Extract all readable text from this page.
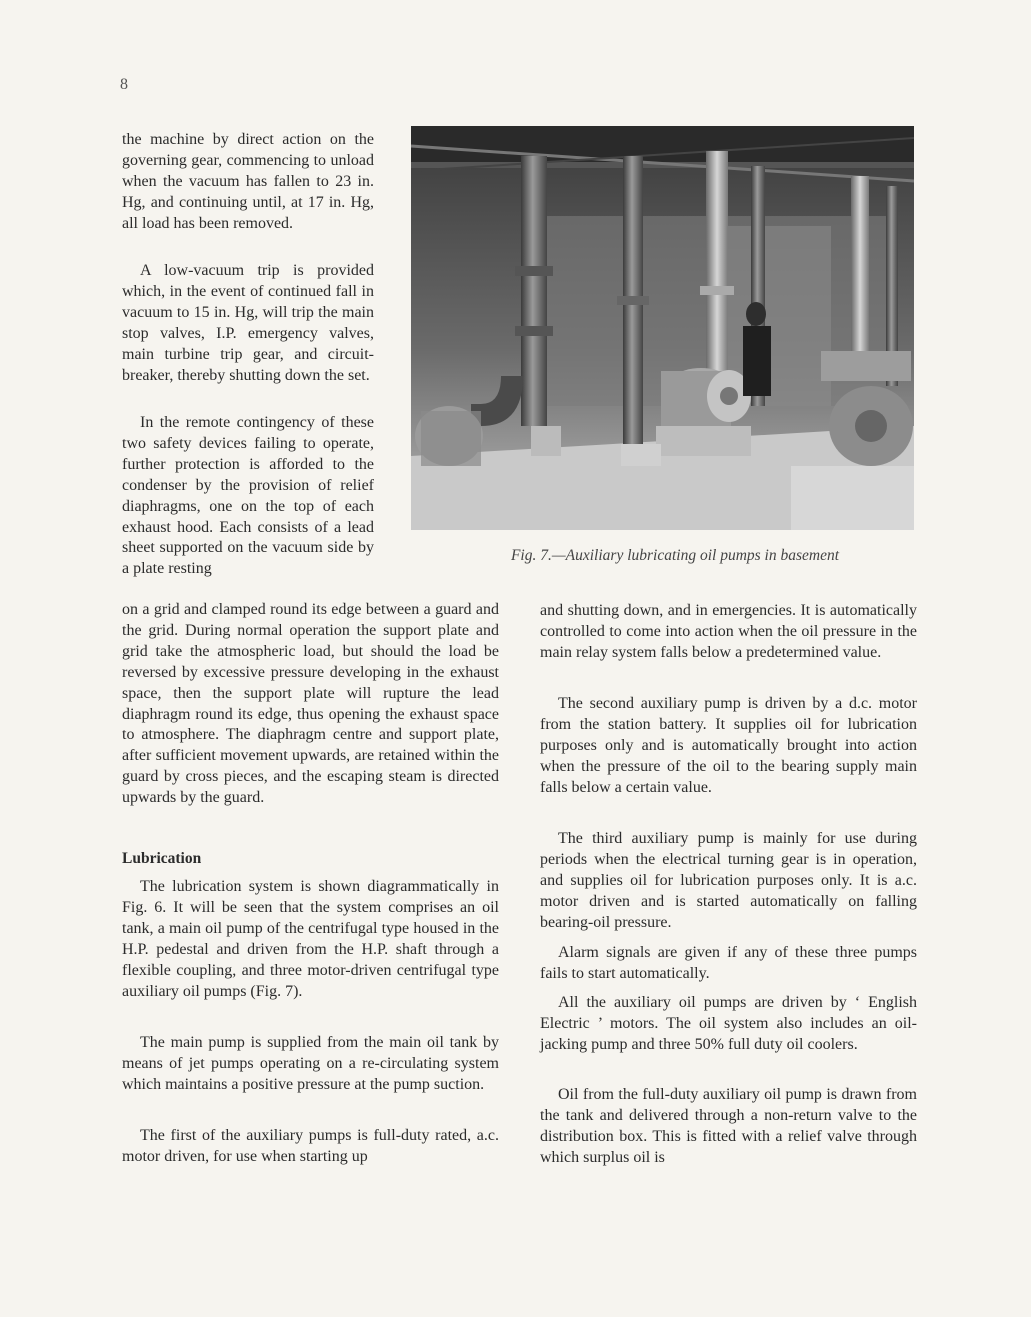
8

the machine by direct action on the governing gear, commencing to unload when the vacuum has fallen to 23 in. Hg, and continuing until, at 17 in. Hg, all load has been removed.

A low-vacuum trip is provided which, in the event of continued fall in vacuum to 15 in. Hg, will trip the main stop valves, I.P. emergency valves, main turbine trip gear, and circuit-breaker, thereby shutting down the set.

In the remote contingency of these two safety devices failing to operate, further protection is afforded to the condenser by the provision of relief diaphragms, one on the top of each exhaust hood. Each consists of a lead sheet supported on the vacuum side by a plate resting

Fig. 7.—Auxiliary lubricating oil pumps in basement

on a grid and clamped round its edge between a guard and the grid. During normal operation the support plate and grid take the atmospheric load, but should the load be reversed by excessive pressure developing in the exhaust space, then the support plate will rupture the lead diaphragm round its edge, thus opening the exhaust space to atmosphere. The diaphragm centre and support plate, after sufficient movement upwards, are retained within the guard by cross pieces, and the escaping steam is directed upwards by the guard.

Lubrication

The lubrication system is shown diagrammatically in Fig. 6. It will be seen that the system comprises an oil tank, a main oil pump of the centrifugal type housed in the H.P. pedestal and driven from the H.P. shaft through a flexible coupling, and three motor-driven centrifugal type auxiliary oil pumps (Fig. 7).

The main pump is supplied from the main oil tank by means of jet pumps operating on a re-circulating system which maintains a positive pressure at the pump suction.

The first of the auxiliary pumps is full-duty rated, a.c. motor driven, for use when starting up

and shutting down, and in emergencies. It is automatically controlled to come into action when the oil pressure in the main relay system falls below a predetermined value.

The second auxiliary pump is driven by a d.c. motor from the station battery. It supplies oil for lubrication purposes only and is automatically brought into action when the pressure of the oil to the bearing supply main falls below a certain value.

The third auxiliary pump is mainly for use during periods when the electrical turning gear is in operation, and supplies oil for lubrication purposes only. It is a.c. motor driven and is started automatically on falling bearing-oil pressure.

Alarm signals are given if any of these three pumps fails to start automatically.

All the auxiliary oil pumps are driven by ‘ English Electric ’ motors. The oil system also includes an oil-jacking pump and three 50% full duty oil coolers.

Oil from the full-duty auxiliary oil pump is drawn from the tank and delivered through a non-return valve to the distribution box. This is fitted with a relief valve through which surplus oil is
